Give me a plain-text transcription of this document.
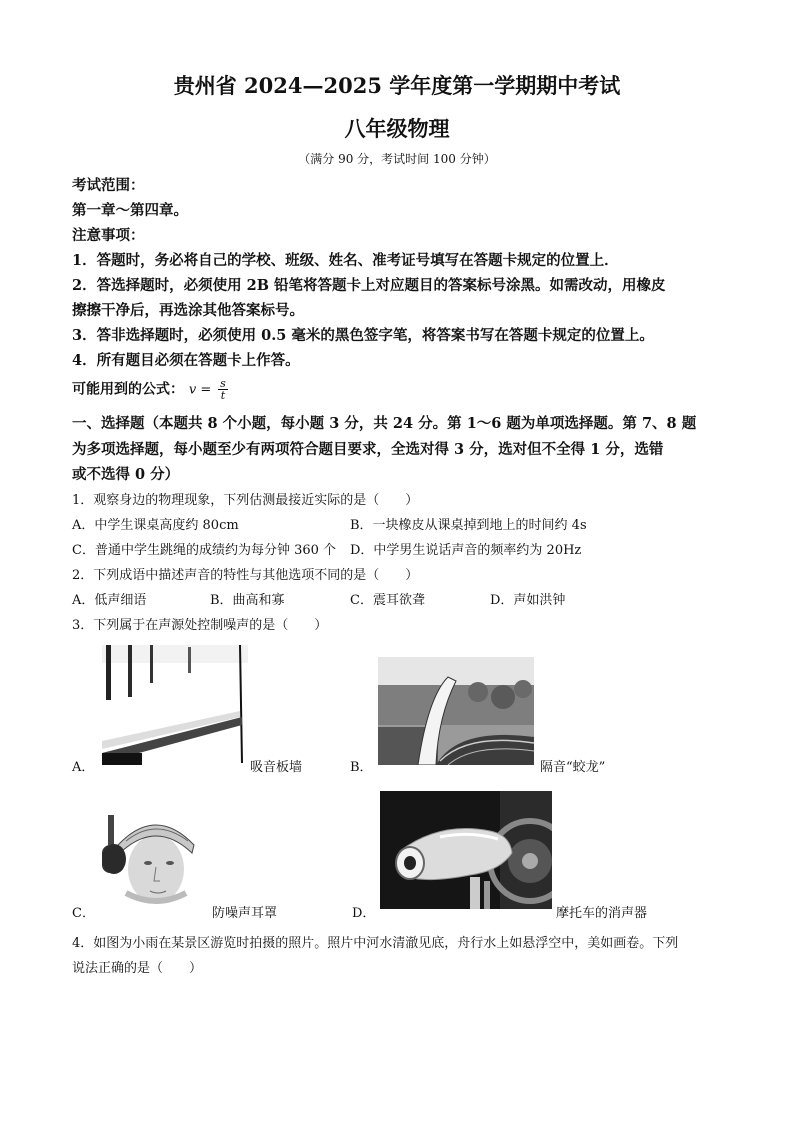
贵州省 2024—2025 学年度第一学期期中考试
八年级物理
（满分 90 分，考试时间 100 分钟）
考试范围：
第一章～第四章。
注意事项：
1．答题时，务必将自己的学校、班级、姓名、准考证号填写在答题卡规定的位置上．
2．答选择题时，必须使用 2B 铅笔将答题卡上对应题目的答案标号涂黑。如需改动，用橡皮
擦擦干净后，再选涂其他答案标号。
3．答非选择题时，必须使用 0.5 毫米的黑色签字笔，将答案书写在答题卡规定的位置上。
4．所有题目必须在答题卡上作答。
可能用到的公式： $v = \frac{s}{t}$
一、选择题（本题共 8 个小题，每小题 3 分，共 24 分。第 1～6 题为单项选择题。第 7、8 题
为多项选择题，每小题至少有两项符合题目要求，全选对得 3 分，选对但不全得 1 分，选错
或不选得 0 分）
1．观察身边的物理现象，下列估测最接近实际的是（　　）
A．中学生课桌高度约 80cm	B．一块橡皮从课桌掉到地上的时间约 4s
C．普通中学生跳绳的成绩约为每分钟 360 个 D．中学男生说话声音的频率约为 20Hz
2．下列成语中描述声音的特性与其他选项不同的是（　　）
A．低声细语	B．曲高和寡	C．震耳欲聋	D．声如洪钟
3．下列属于在声源处控制噪声的是（　　）
A．	吸音板墙	B．	隔音“蛟龙”
C．	防噪声耳罩	D．	摩托车的消声器
4．如图为小雨在某景区游览时拍摄的照片。照片中河水清澈见底，舟行水上如悬浮空中，美如画卷。下列
说法正确的是（　　）
